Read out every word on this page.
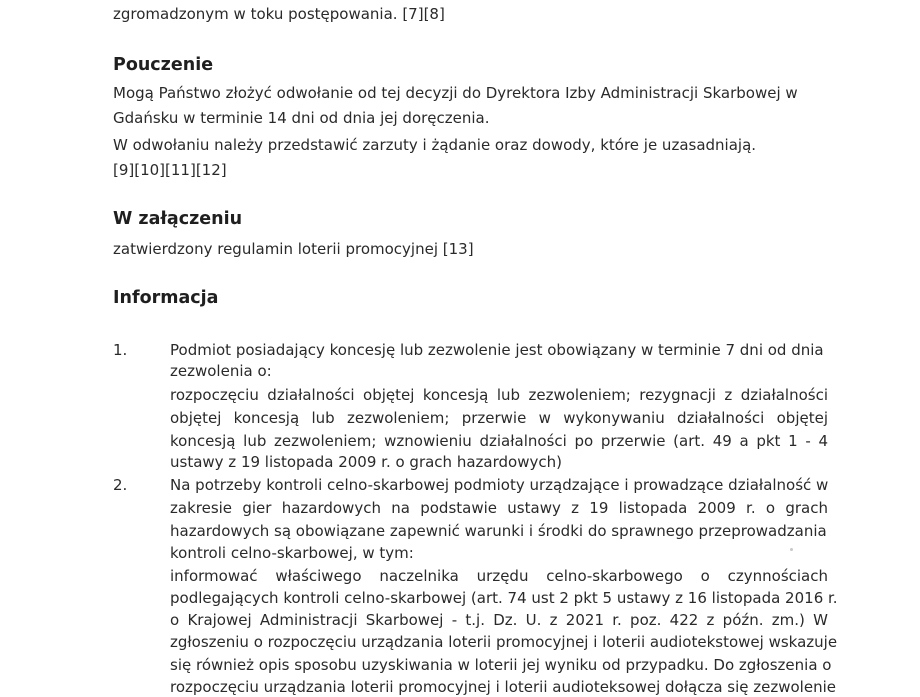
zgromadzonym w toku postępowania. [7][8]
Pouczenie
Mogą Państwo złożyć odwołanie od tej decyzji do Dyrektora Izby Administracji Skarbowej w
Gdańsku w terminie 14 dni od dnia jej doręczenia.
W odwołaniu należy przedstawić zarzuty i żądanie oraz dowody, które je uzasadniają.
[9][10][11][12]
W załączeniu
zatwierdzony regulamin loterii promocyjnej [13]
Informacja
1.	Podmiot posiadający koncesję lub zezwolenie jest obowiązany w terminie 7 dni od dnia
zezwolenia o:
rozpoczęciu działalności objętej koncesją lub zezwoleniem; rezygnacji z działalności
objętej koncesją lub zezwoleniem; przerwie w wykonywaniu działalności objętej
koncesją lub zezwoleniem; wznowieniu działalności po przerwie (art. 49 a pkt 1 - 4
ustawy z 19 listopada 2009 r. o grach hazardowych)
2.	Na potrzeby kontroli celno-skarbowej podmioty urządzające i prowadzące działalność w
zakresie gier hazardowych na podstawie ustawy z 19 listopada 2009 r. o grach
hazardowych są obowiązane zapewnić warunki i środki do sprawnego przeprowadzania
kontroli celno-skarbowej, w tym:
informować właściwego naczelnika urzędu celno-skarbowego o czynnościach
podlegających kontroli celno-skarbowej (art. 74 ust 2 pkt 5 ustawy z 16 listopada 2016 r.
o Krajowej Administracji Skarbowej - t.j. Dz. U. z 2021 r. poz. 422 z późn. zm.) W
zgłoszeniu o rozpoczęciu urządzania loterii promocyjnej i loterii audiotekstowej wskazuje
się również opis sposobu uzyskiwania w loterii jej wyniku od przypadku. Do zgłoszenia o
rozpoczęciu urządzania loterii promocyjnej i loterii audioteksowej dołącza się zezwolenie
